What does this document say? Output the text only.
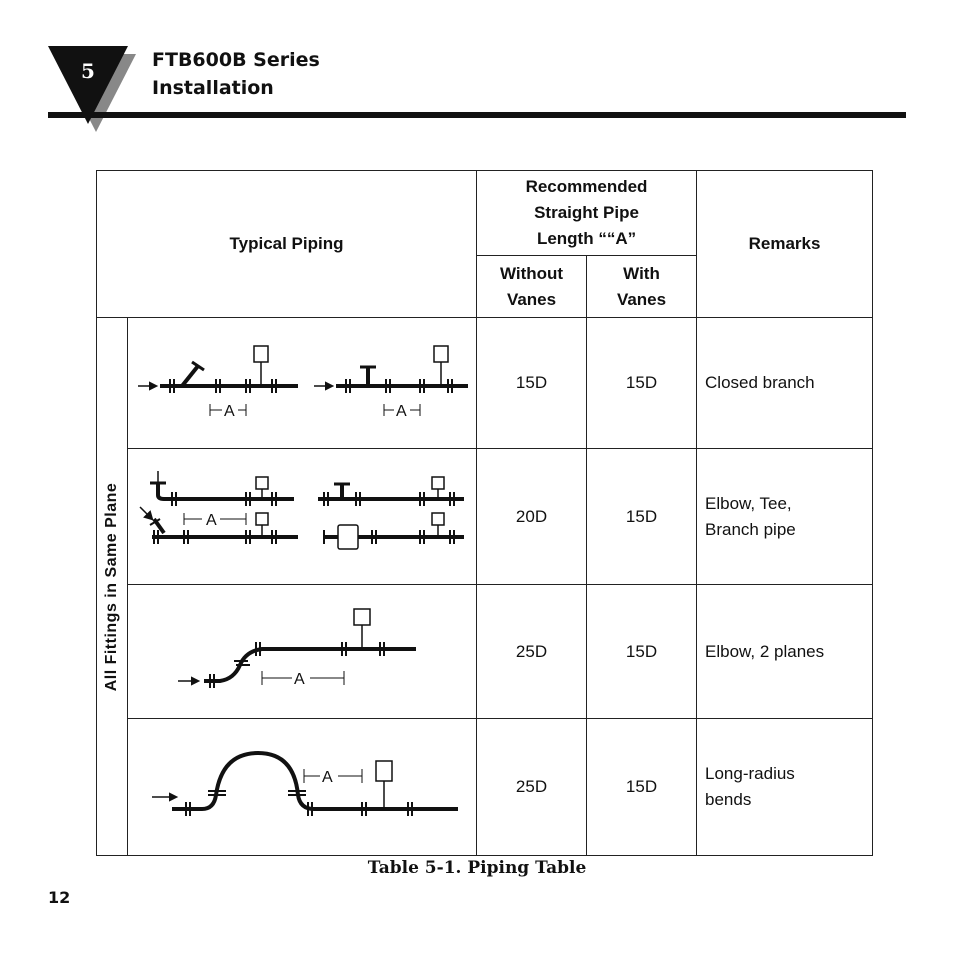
5	FTB600B Series
Installation
Typical Piping		Recommended Straight Pipe Length ““A”		Remarks
		Without Vanes	With Vanes	

All Fittings in Same Plane	A A	15D	15D	Closed branch

A	20D	15D	Elbow, Tee, Branch pipe

A	25D	15D	Elbow, 2 planes

A	25D	15D	Long-radius bends
Table 5-1. Piping Table
12
